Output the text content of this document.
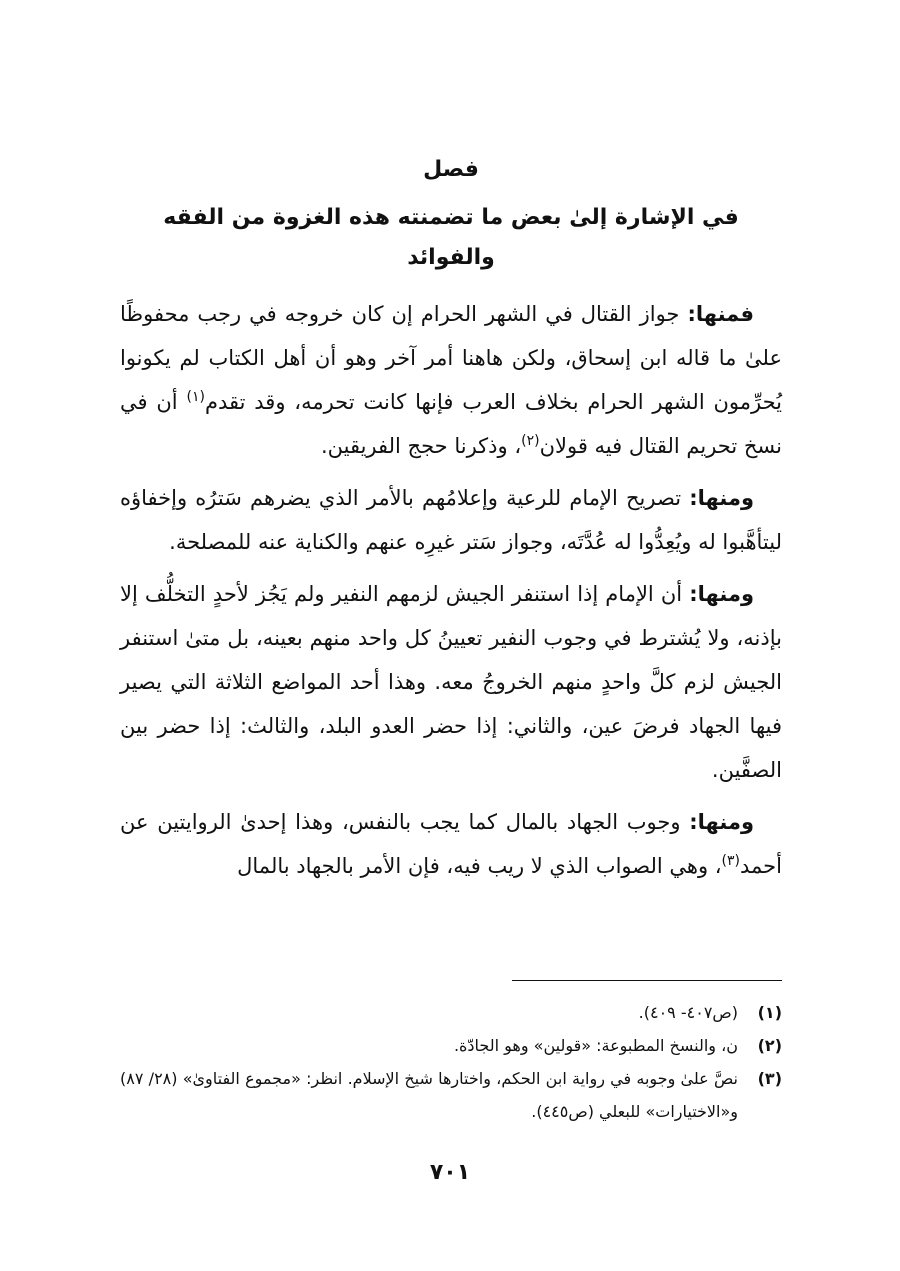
فصل
في الإشارة إلىٰ بعض ما تضمنته هذه الغزوة من الفقه والفوائد

فمنها: جواز القتال في الشهر الحرام إن كان خروجه في رجب محفوظًا علىٰ ما قاله ابن إسحاق، ولكن هاهنا أمر آخر وهو أن أهل الكتاب لم يكونوا يُحرِّمون الشهر الحرام بخلاف العرب فإنها كانت تحرمه، وقد تقدم$^{(١)}$ أن في نسخ تحريم القتال فيه قولان$^{(٢)}$، وذكرنا حجج الفريقين.

ومنها: تصريح الإمام للرعية وإعلامُهم بالأمر الذي يضرهم سَترُه وإخفاؤه ليتأهَّبوا له ويُعِدُّوا له عُدَّتَه، وجواز سَتر غيرِه عنهم والكناية عنه للمصلحة.

ومنها: أن الإمام إذا استنفر الجيش لزمهم النفير ولم يَجُز لأحدٍ التخلُّف إلا بإذنه، ولا يُشترط في وجوب النفير تعيينُ كل واحد منهم بعينه، بل متىٰ استنفر الجيش لزم كلَّ واحدٍ منهم الخروجُ معه. وهذا أحد المواضع الثلاثة التي يصير فيها الجهاد فرضَ عين، والثاني: إذا حضر العدو البلد، والثالث: إذا حضر بين الصفَّين.

ومنها: وجوب الجهاد بالمال كما يجب بالنفس، وهذا إحدىٰ الروايتين عن أحمد$^{(٣)}$، وهي الصواب الذي لا ريب فيه، فإن الأمر بالجهاد بالمال

(١)
(ص٤٠٧- ٤٠٩).
(٢)
ن، والنسخ المطبوعة: «قولين» وهو الجادّة.
(٣)
نصَّ علىٰ وجوبه في رواية ابن الحكم، واختارها شيخ الإسلام. انظر: «مجموع الفتاوىٰ» (٢٨/ ٨٧) و«الاختيارات» للبعلي (ص٤٤٥).
٧٠١
